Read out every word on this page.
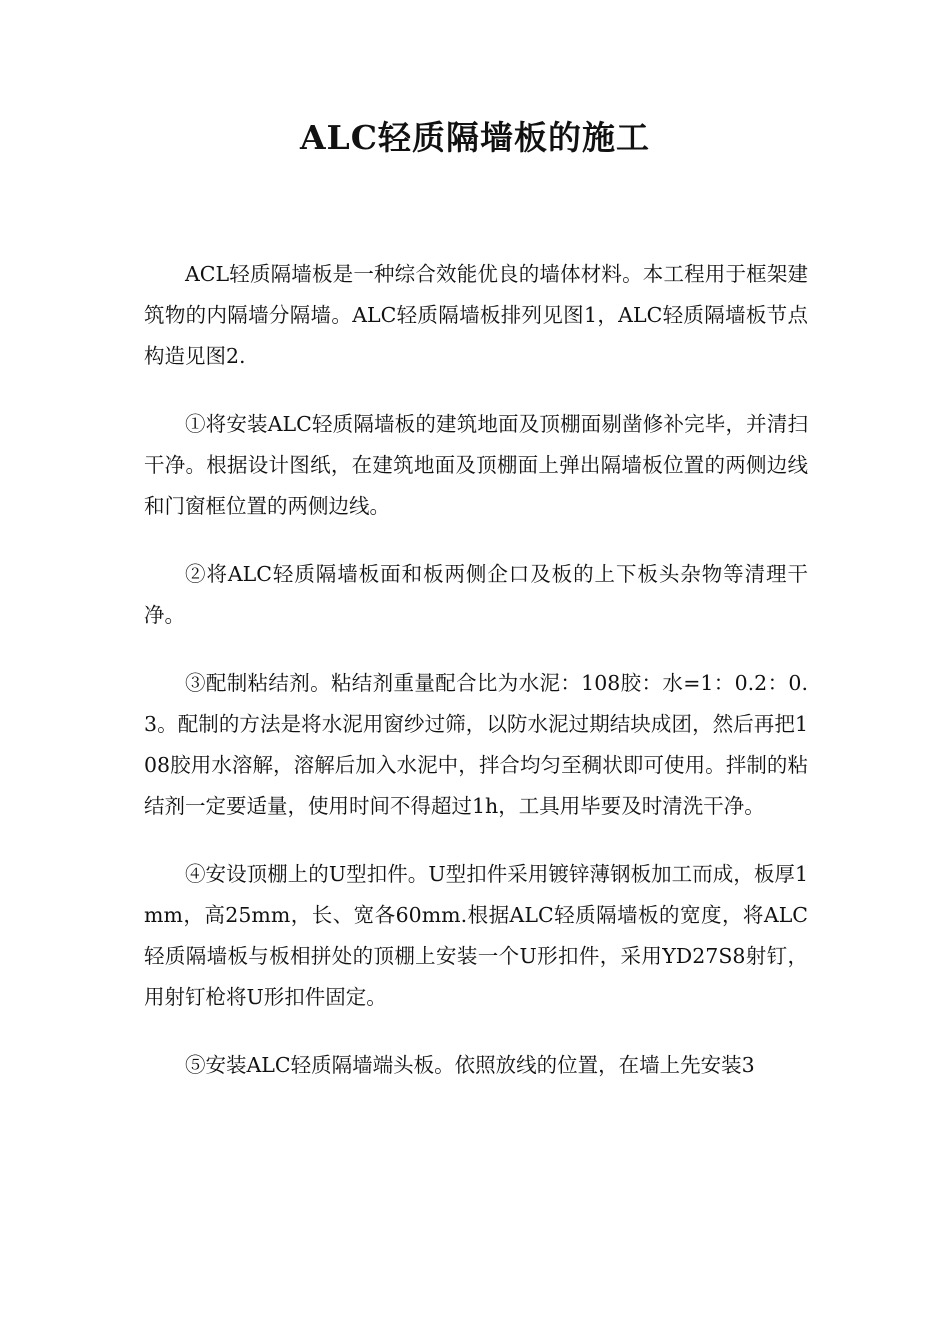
ALC轻质隔墙板的施工

ACL轻质隔墙板是一种综合效能优良的墙体材料。本工程用于框架建筑物的内隔墙分隔墙。ALC轻质隔墙板排列见图1，ALC轻质隔墙板节点构造见图2.

①将安装ALC轻质隔墙板的建筑地面及顶棚面剔凿修补完毕，并清扫干净。根据设计图纸，在建筑地面及顶棚面上弹出隔墙板位置的两侧边线和门窗框位置的两侧边线。

②将ALC轻质隔墙板面和板两侧企口及板的上下板头杂物等清理干净。

③配制粘结剂。粘结剂重量配合比为水泥：108胶：水=1：0.2：0.3。配制的方法是将水泥用窗纱过筛，以防水泥过期结块成团，然后再把108胶用水溶解，溶解后加入水泥中，拌合均匀至稠状即可使用。拌制的粘结剂一定要适量，使用时间不得超过1h，工具用毕要及时清洗干净。

④安设顶棚上的U型扣件。U型扣件采用镀锌薄钢板加工而成，板厚1mm，高25mm，长、宽各60mm.根据ALC轻质隔墙板的宽度，将ALC轻质隔墙板与板相拼处的顶棚上安装一个U形扣件，采用YD27S8射钉，用射钉枪将U形扣件固定。

⑤安装ALC轻质隔墙端头板。依照放线的位置，在墙上先安装3
